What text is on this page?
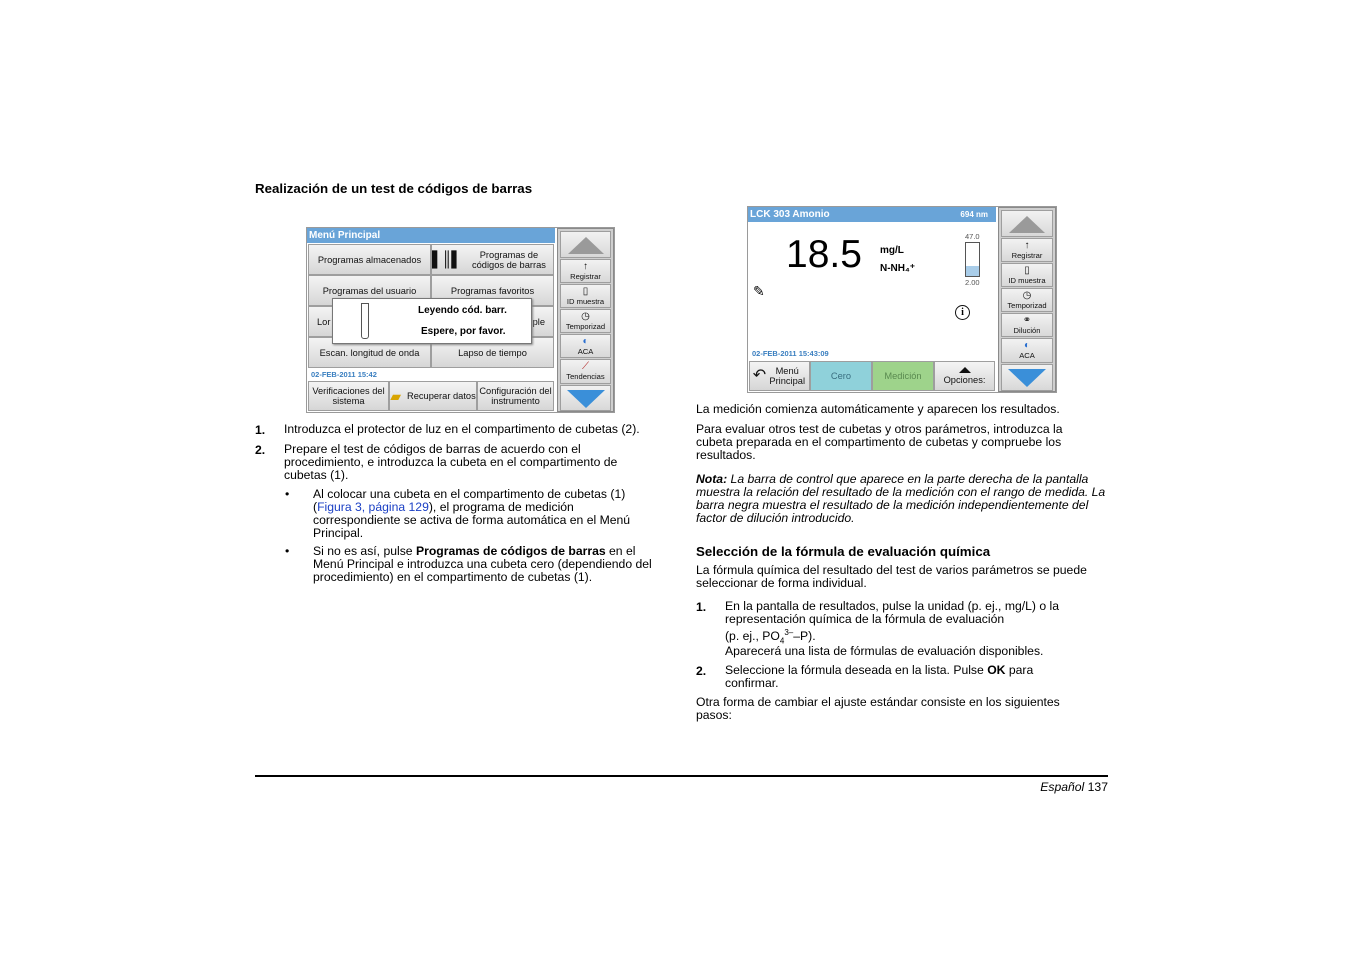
Realización de un test de códigos de barras
Menú Principal
Programas almacenados ▌║▌	Programas de códigos de barras
Programas del usuario	Programas favoritos
Lor	ple
Escan. longitud de onda	Lapso de tiempo
02-FEB-2011 15:42
Verificaciones del sistema	▰ Recuperar datos Configuración del instrumento
Leyendo cód. barr.
Espere, por favor.
↑
Registrar
▯
ID muestra
◷
Temporizad
◐
ACA
⟋
Tendencias
1. Introduzca el protector de luz en el compartimento de cubetas (2).
2. Prepare el test de códigos de barras de acuerdo con el procedimiento, e introduzca la cubeta en el compartimento de cubetas (1).
• Al colocar una cubeta en el compartimento de cubetas (1)
(Figura 3, página 129), el programa de medición correspondiente se activa de forma automática en el Menú Principal.
• Si no es así, pulse Programas de códigos de barras en el Menú Principal e introduzca una cubeta cero (dependiendo del procedimiento) en el compartimento de cubetas (1).
LCK 303 Amonio	694 nm
18.5 mg/L
N-NH₄⁺
47.0
2.00
✎
i
02-FEB-2011 15:43:09
↶	Menú Principal	Cero	Medición	Opciones:
↑
Registrar
▯
ID muestra
◷
Temporizad
⚭
Dilución
◐
ACA
La medición comienza automáticamente y aparecen los resultados.
Para evaluar otros test de cubetas y otros parámetros, introduzca la cubeta preparada en el compartimento de cubetas y compruebe los resultados.
Nota: La barra de control que aparece en la parte derecha de la pantalla muestra la relación del resultado de la medición con el rango de medida. La barra negra muestra el resultado de la medición independientemente del factor de dilución introducido.
Selección de la fórmula de evaluación química
La fórmula química del resultado del test de varios parámetros se puede seleccionar de forma individual.
1. En la pantalla de resultados, pulse la unidad (p. ej., mg/L) o la representación química de la fórmula de evaluación
(p. ej., $PO_4^{3-}-P$).
Aparecerá una lista de fórmulas de evaluación disponibles.
2. Seleccione la fórmula deseada en la lista. Pulse OK para confirmar.
Otra forma de cambiar el ajuste estándar consiste en los siguientes pasos:
Español 137
